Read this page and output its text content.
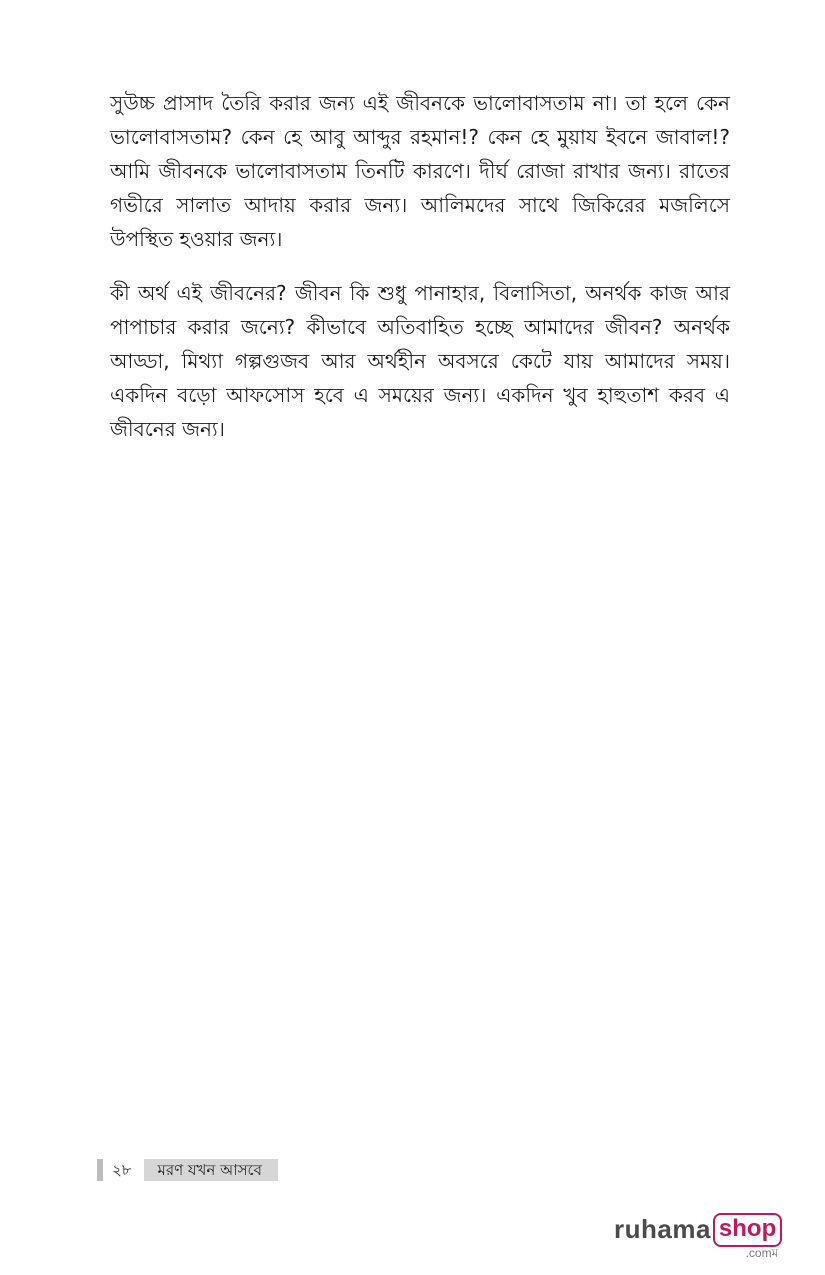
সুউচ্চ প্রাসাদ তৈরি করার জন্য এই জীবনকে ভালোবাসতাম না। তা হলে কেন ভালোবাসতাম? কেন হে আবু আব্দুর রহমান!? কেন হে মুয়ায ইবনে জাবাল!? আমি জীবনকে ভালোবাসতাম তিনটি কারণে। দীর্ঘ রোজা রাখার জন্য। রাতের গভীরে সালাত আদায় করার জন্য। আলিমদের সাথে জিকিরের মজলিসে উপস্থিত হওয়ার জন্য।

কী অর্থ এই জীবনের? জীবন কি শুধু পানাহার, বিলাসিতা, অনর্থক কাজ আর পাপাচার করার জন্যে? কীভাবে অতিবাহিত হচ্ছে আমাদের জীবন? অনর্থক আড্ডা, মিথ্যা গল্পগুজব আর অর্থহীন অবসরে কেটে যায় আমাদের সময়। একদিন বড়ো আফসোস হবে এ সময়ের জন্য। একদিন খুব হাহুতাশ করব এ জীবনের জন্য।

২৮	মরণ যখন আসবে
ruhama shop
.comম
